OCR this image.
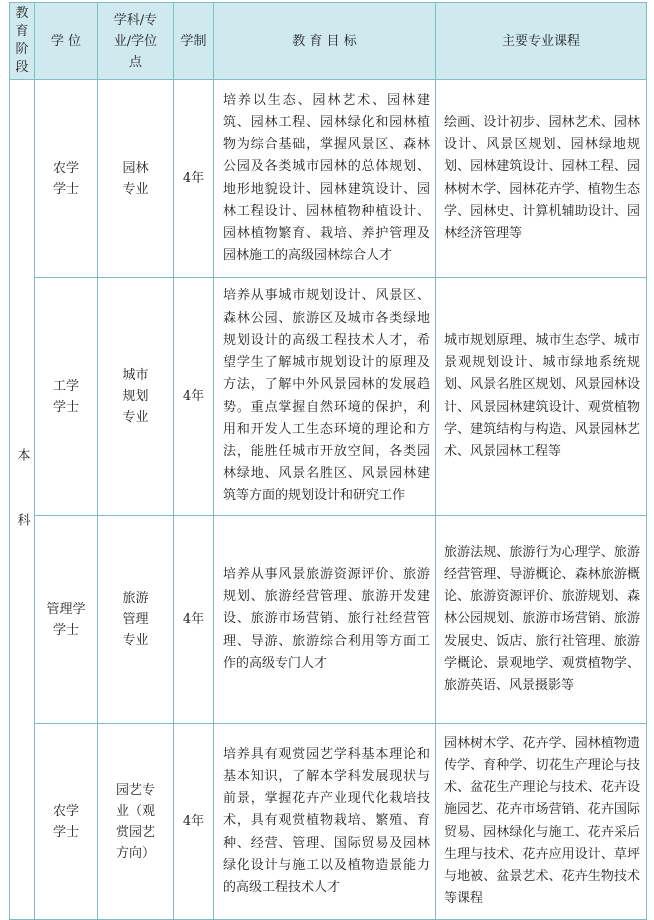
教育阶段	学 位	学科/专业/学位点	学制	教 育 目 标	主要专业课程

本 科	农学学士	园林专业	4年	培养以生态、园林艺术、园林建筑、园林工程、园林绿化和园林植物为综合基础，掌握风景区、森林公园及各类城市园林的总体规划、地形地貌设计、园林建筑设计、园林工程设计、园林植物种植设计、园林植物繁育、栽培、养护管理及园林施工的高级园林综合人才	绘画、设计初步、园林艺术、园林设计、风景区规划、园林绿地规划、园林建筑设计、园林工程、园林树木学、园林花卉学、植物生态学、园林史、计算机辅助设计、园林经济管理等

	工学学士	城市规划专业	4年	培养从事城市规划设计、风景区、森林公园、旅游区及城市各类绿地规划设计的高级工程技术人才，希望学生了解城市规划设计的原理及方法，了解中外风景园林的发展趋势。重点掌握自然环境的保护，利用和开发人工生态环境的理论和方法，能胜任城市开放空间，各类园林绿地、风景名胜区、风景园林建筑等方面的规划设计和研究工作	城市规划原理、城市生态学、城市景观规划设计、城市绿地系统规划、风景名胜区规划、风景园林设计、风景园林建筑设计、观赏植物学、建筑结构与构造、风景园林艺术、风景园林工程等

	管理学学士	旅游管理专业	4年	培养从事风景旅游资源评价、旅游规划、旅游经营管理、旅游开发建设、旅游市场营销、旅行社经营管理、导游、旅游综合利用等方面工作的高级专门人才	旅游法规、旅游行为心理学、旅游经营管理、导游概论、森林旅游概论、旅游资源评价、旅游规划、森林公园规划、旅游市场营销、旅游发展史、饭店、旅行社管理、旅游学概论、景观地学、观赏植物学、旅游英语、风景摄影等

	农学学士	园艺专业（观赏园艺方向）	4年	培养具有观赏园艺学科基本理论和基本知识，了解本学科发展现状与前景，掌握花卉产业现代化栽培技术，具有观赏植物栽培、繁殖、育种、经营、管理、国际贸易及园林绿化设计与施工以及植物造景能力的高级工程技术人才	园林树木学、花卉学、园林植物遗传学、育种学、切花生产理论与技术、盆花生产理论与技术、花卉设施园艺、花卉市场营销、花卉国际贸易、园林绿化与施工、花卉采后生理与技术、花卉应用设计、草坪与地被、盆景艺术、花卉生物技术等课程
